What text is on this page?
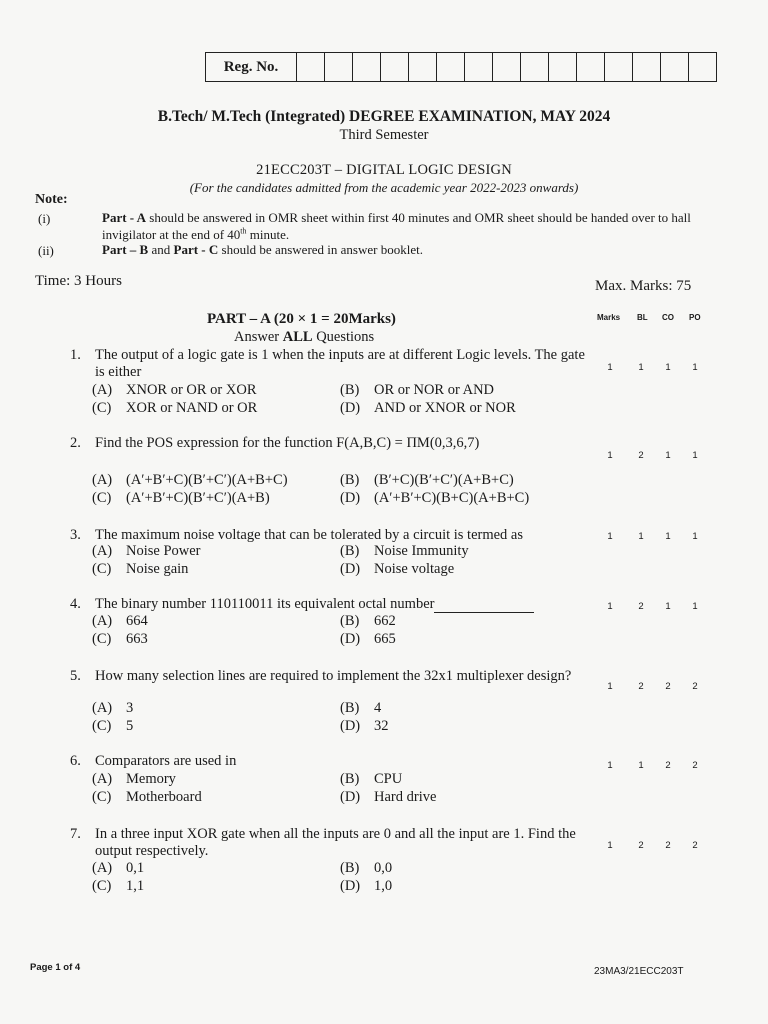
Reg. No.
B.Tech/ M.Tech (Integrated) DEGREE EXAMINATION, MAY 2024
Third Semester
21ECC203T – DIGITAL LOGIC DESIGN
(For the candidates admitted from the academic year 2022-2023 onwards)
Note:
(i)	Part - A should be answered in OMR sheet within first 40 minutes and OMR sheet should be handed over to hall invigilator at the end of 40th minute.
(ii)	Part – B and Part - C should be answered in answer booklet.
Time: 3 Hours	Max. Marks: 75
PART – A (20 × 1 = 20Marks)
Answer ALL Questions
Marks BL CO PO
1. The output of a logic gate is 1 when the inputs are at different Logic levels. The gate is either
(A) XNOR or OR or XOR	(B) OR or NOR or AND
(C) XOR or NAND or OR	(D) AND or XNOR or NOR
1	1	1	1
2. Find the POS expression for the function F(A,B,C) = ΠM(0,3,6,7)
(A) (A′+B′+C)(B′+C′)(A+B+C)	(B) (B′+C)(B′+C′)(A+B+C)
(C) (A′+B′+C)(B′+C′)(A+B)	(D) (A′+B′+C)(B+C)(A+B+C)
1	2	1	1
3. The maximum noise voltage that can be tolerated by a circuit is termed as
(A) Noise Power	(B) Noise Immunity
(C) Noise gain	(D) Noise voltage
1	1	1	1
4. The binary number 110110011 its equivalent octal number
(A) 664	(B) 662
(C) 663	(D) 665
1	2	1	1
5. How many selection lines are required to implement the 32x1 multiplexer design?
(A) 3	(B) 4
(C) 5	(D) 32
1	2	2	2
6. Comparators are used in
(A) Memory	(B) CPU
(C) Motherboard	(D) Hard drive
1	1	2	2
7. In a three input XOR gate when all the inputs are 0 and all the input are 1. Find the output respectively.
(A) 0,1	(B) 0,0
(C) 1,1	(D) 1,0
1	2	2	2
Page 1 of 4	23MA3/21ECC203T
